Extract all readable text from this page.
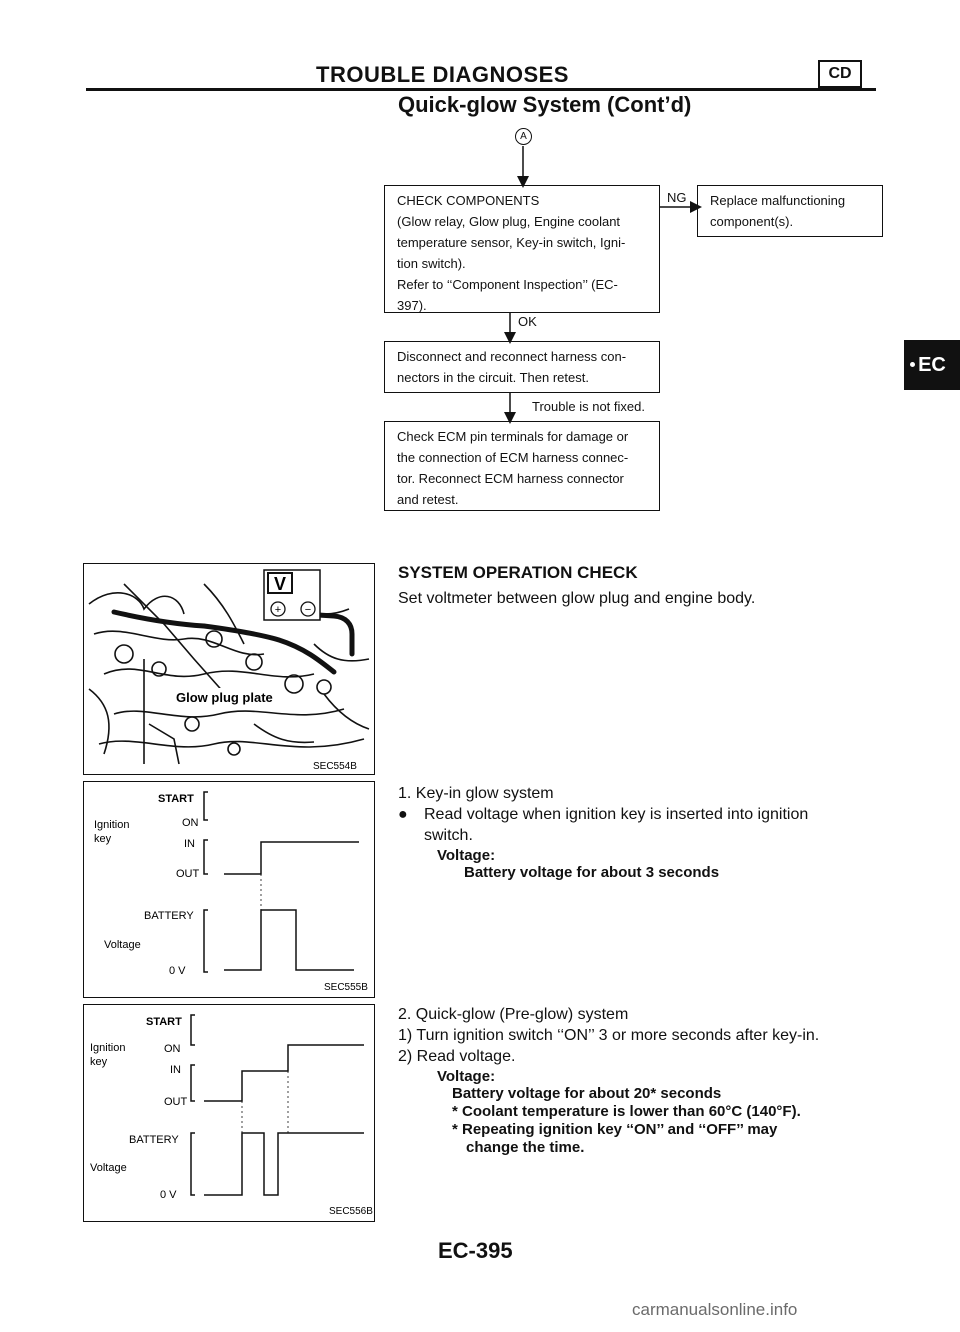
TROUBLE DIAGNOSES	CD
Quick-glow System (Cont’d)
A
CHECK COMPONENTS
(Glow relay, Glow plug, Engine coolant
temperature sensor, Key-in switch, Igni-
tion switch).
Refer to ‘‘Component Inspection’’ (EC-
397).
NG	Replace malfunctioning
component(s).
OK
Disconnect and reconnect harness con-
nectors in the circuit. Then retest.
Trouble is not fixed.
Check ECM pin terminals for damage or
the connection of ECM harness connec-
tor. Reconnect ECM harness connector
and retest.
EC
V
+ −
Glow plug plate
SEC554B
START
ON
Ignition
key	IN
OUT
BATTERY
Voltage
0 V
SEC555B
START
ON
Ignition
key
IN
OUT
BATTERY
Voltage
0 V
SEC556B
SYSTEM OPERATION CHECK
Set voltmeter between glow plug and engine body.
1. Key-in glow system
● Read voltage when ignition key is inserted into ignition
switch.
Voltage:
Battery voltage for about 3 seconds
2. Quick-glow (Pre-glow) system
1) Turn ignition switch ‘‘ON’’ 3 or more seconds after key-in.
2) Read voltage.
Voltage:
Battery voltage for about 20* seconds
* Coolant temperature is lower than 60°C (140°F).
* Repeating ignition key ‘‘ON’’ and ‘‘OFF’’ may
change the time.
EC-395
carmanualsonline.info
